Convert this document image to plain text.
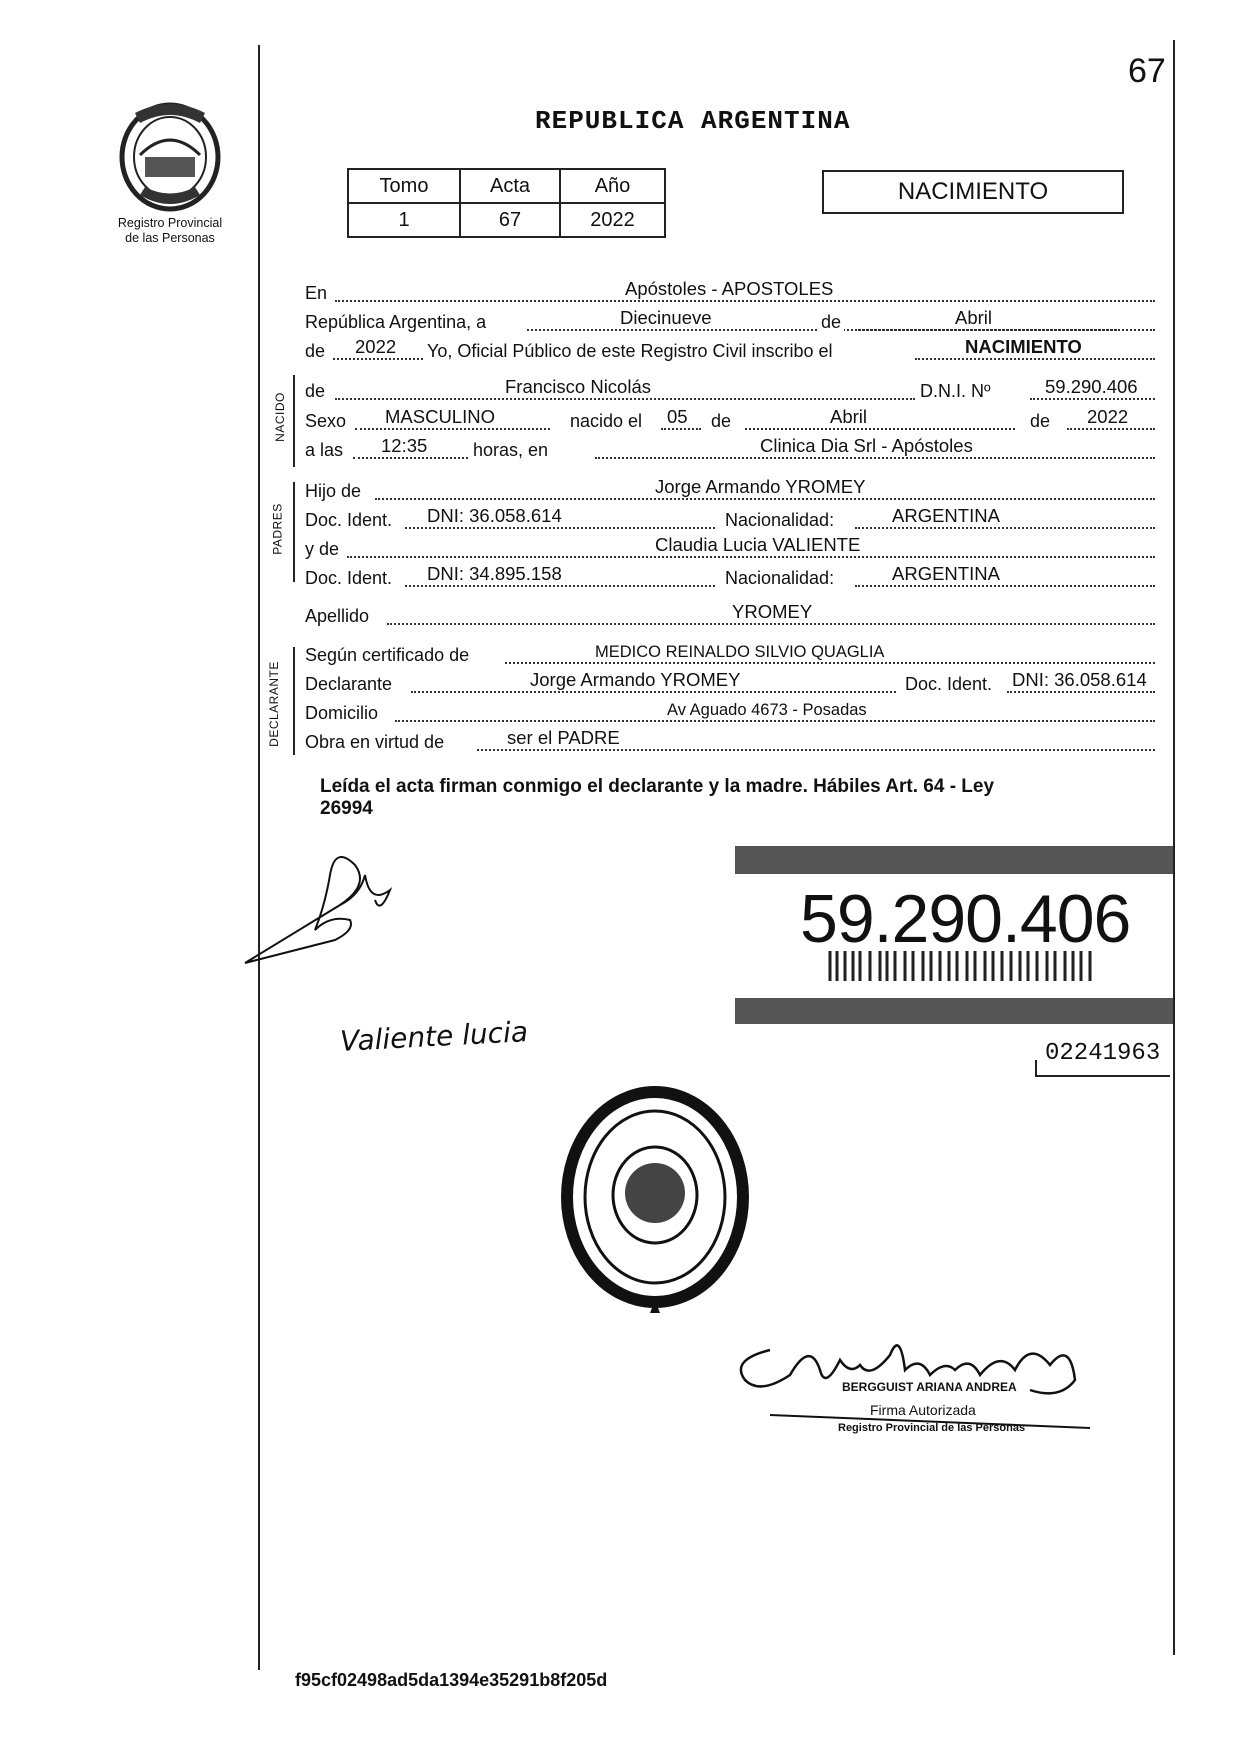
67
Registro Provincial
de las Personas
REPUBLICA ARGENTINA
Tomo	Acta	Año
1	67	2022
NACIMIENTO
En	Apóstoles - APOSTOLES
República Argentina, a	Diecinueve	de	Abril
de 2022 Yo, Oficial Público de este Registro Civil inscribo el	NACIMIENTO
NACIDO
de	Francisco Nicolás	D.N.I. Nº	59.290.406
Sexo MASCULINO	nacido el 05 de	Abril	de 2022
a las 12:35	horas, en	Clinica Dia Srl - Apóstoles
PADRES
Hijo de	Jorge Armando YROMEY
Doc. Ident. DNI: 36.058.614	Nacionalidad:	ARGENTINA
y de	Claudia Lucia VALIENTE
Doc. Ident. DNI: 34.895.158	Nacionalidad:	ARGENTINA
Apellido	YROMEY
DECLARANTE
Según certificado de	MEDICO REINALDO SILVIO QUAGLIA
Declarante	Jorge Armando YROMEY	Doc. Ident. DNI: 36.058.614
Domicilio	Av Aguado 4673 - Posadas
Obra en virtud de	ser el PADRE
Leída el acta firman conmigo el declarante y la madre. Hábiles Art. 64 - Ley
26994
Valiente lucia
59.290.406
02241963
BERGGUIST ARIANA ANDREA
Firma Autorizada
Registro Provincial de las Personas
f95cf02498ad5da1394e35291b8f205d
